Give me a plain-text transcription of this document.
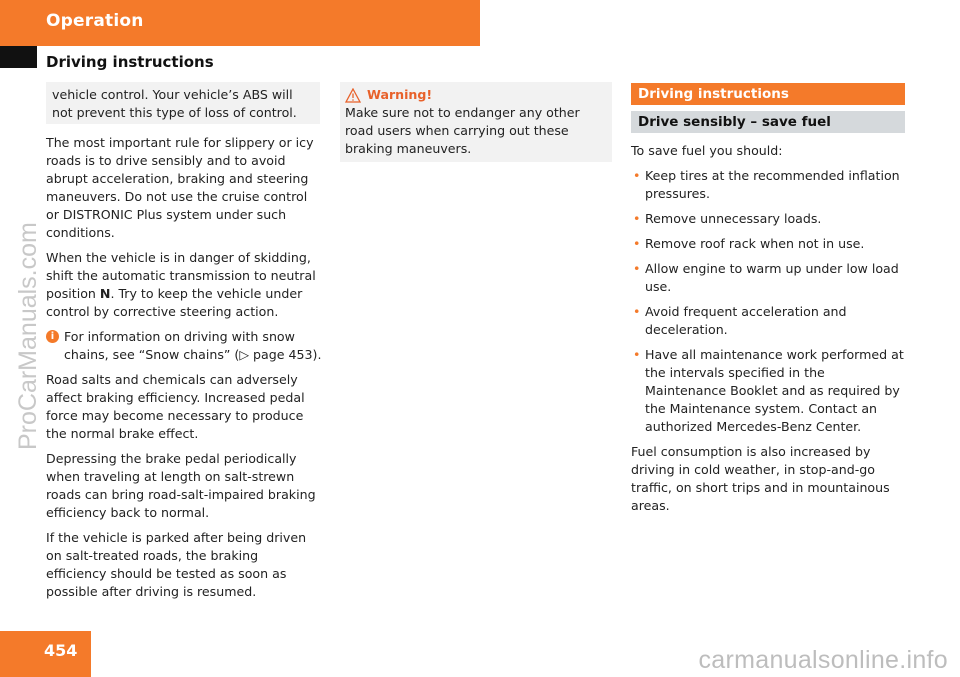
Operation
Driving instructions
vehicle control. Your vehicle’s ABS will not prevent this type of loss of control.

The most important rule for slippery or icy roads is to drive sensibly and to avoid abrupt acceleration, braking and steering maneuvers. Do not use the cruise control or DISTRONIC Plus system under such conditions.

When the vehicle is in danger of skidding, shift the automatic transmission to neutral position N. Try to keep the vehicle under control by corrective steering action.

i For information on driving with snow chains, see “Snow chains” (▷ page 453).

Road salts and chemicals can adversely affect braking efficiency. Increased pedal force may become necessary to produce the normal brake effect.

Depressing the brake pedal periodically when traveling at length on salt-strewn roads can bring road-salt-impaired braking efficiency back to normal.

If the vehicle is parked after being driven on salt-treated roads, the braking efficiency should be tested as soon as possible after driving is resumed.

Warning!
Make sure not to endanger any other road users when carrying out these braking maneuvers.
Driving instructions
Drive sensibly – save fuel

To save fuel you should:

• Keep tires at the recommended inflation pressures.
• Remove unnecessary loads.
• Remove roof rack when not in use.
• Allow engine to warm up under low load use.
• Avoid frequent acceleration and deceleration.
• Have all maintenance work performed at the intervals specified in the Maintenance Booklet and as required by the Maintenance system. Contact an authorized Mercedes-Benz Center.

Fuel consumption is also increased by driving in cold weather, in stop-and-go traffic, on short trips and in mountainous areas.

454
ProCarManuals.com
carmanualsonline.info
